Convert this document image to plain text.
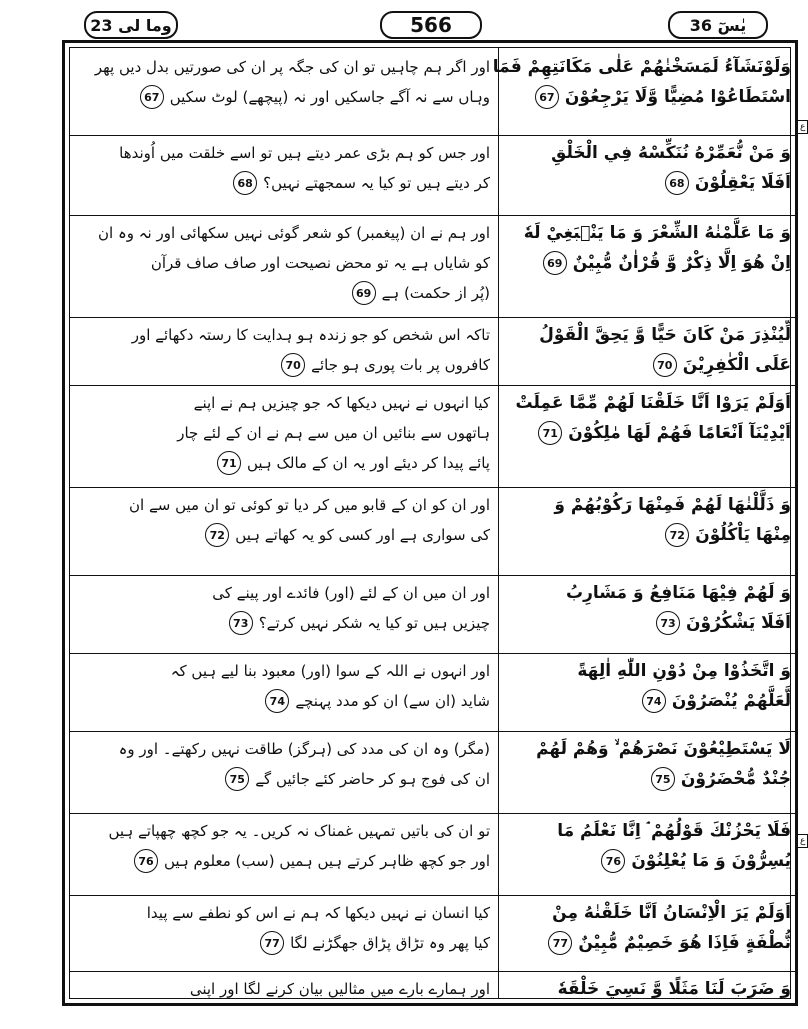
وما لی 23	566	یٰسٓ 36
اور اگر ہم چاہیں تو ان کی جگہ پر ان کی صورتیں بدل دیں پھر
وہاں سے نہ آگے جاسکیں اور نہ (پیچھے) لوٹ سکیں
67
اور جس کو ہم بڑی عمر دیتے ہیں تو اسے خلقت میں اُوندھا
کر دیتے ہیں تو کیا یہ سمجھتے نہیں؟
68
اور ہم نے ان (پیغمبر) کو شعر گوئی نہیں سکھائی اور نہ وہ ان
کو شایاں ہے یہ تو محض نصیحت اور صاف صاف قرآن
(پُر از حکمت) ہے
69
تاکہ اس شخص کو جو زندہ ہو ہدایت کا رستہ دکھائے اور
کافروں پر بات پوری ہو جائے
70
کیا انہوں نے نہیں دیکھا کہ جو چیزیں ہم نے اپنے
ہاتھوں سے بنائیں ان میں سے ہم نے ان کے لئے چار
پائے پیدا کر دیئے اور یہ ان کے مالک ہیں
71
اور ان کو ان کے قابو میں کر دیا تو کوئی تو ان میں سے ان
کی سواری ہے اور کسی کو یہ کھاتے ہیں
72
اور ان میں ان کے لئے (اور) فائدے اور پینے کی
چیزیں ہیں تو کیا یہ شکر نہیں کرتے؟
73
اور انہوں نے اللہ کے سوا (اور) معبود بنا لیے ہیں کہ
شاید (ان سے) ان کو مدد پہنچے
74
(مگر) وہ ان کی مدد کی (ہرگز) طاقت نہیں رکھتے۔ اور وہ
ان کی فوج ہو کر حاضر کئے جائیں گے
75
تو ان کی باتیں تمہیں غمناک نہ کریں۔ یہ جو کچھ چھپاتے ہیں
اور جو کچھ ظاہر کرتے ہیں ہمیں (سب) معلوم ہیں
76
کیا انسان نے نہیں دیکھا کہ ہم نے اس کو نطفے سے پیدا
کیا پھر وہ تڑاق پڑاق جھگڑنے لگا
77
اور ہمارے بارے میں مثالیں بیان کرنے لگا اور اپنی
وَلَوْنَشَآءُ لَمَسَخْنٰهُمْ عَلٰى مَكَانَتِهِمْ فَمَا
اسْتَطَاعُوْا مُضِيًّا وَّلَا يَرْجِعُوْنَ
67
وَ مَنْ نُّعَمِّرْهُ نُنَكِّسْهُ فِي الْخَلْقِ
اَفَلَا يَعْقِلُوْنَ
68
وَ مَا عَلَّمْنٰهُ الشِّعْرَ وَ مَا يَنْۢبَغِيْ لَهٗ
اِنْ هُوَ اِلَّا ذِكْرٌ وَّ قُرْاٰنٌ مُّبِيْنٌ
69
لِّيُنْذِرَ مَنْ كَانَ حَيًّا وَّ يَحِقَّ الْقَوْلُ
عَلَى الْكٰفِرِيْنَ
70
اَوَلَمْ يَرَوْا اَنَّا خَلَقْنَا لَهُمْ مِّمَّا عَمِلَتْ
اَيْدِيْنَآ اَنْعَامًا فَهُمْ لَهَا مٰلِكُوْنَ
71
وَ ذَلَّلْنٰهَا لَهُمْ فَمِنْهَا رَكُوْبُهُمْ وَ
مِنْهَا يَاْكُلُوْنَ
72
وَ لَهُمْ فِيْهَا مَنَافِعُ وَ مَشَارِبُ
اَفَلَا يَشْكُرُوْنَ
73
وَ اتَّخَذُوْا مِنْ دُوْنِ اللّٰهِ اٰلِهَةً
لَّعَلَّهُمْ يُنْصَرُوْنَ
74
لَا يَسْتَطِيْعُوْنَ نَصْرَهُمْ ۙ وَهُمْ لَهُمْ
جُنْدٌ مُّحْضَرُوْنَ
75
فَلَا يَحْزُنْكَ قَوْلُهُمْ ۘ اِنَّا نَعْلَمُ مَا
يُسِرُّوْنَ وَ مَا يُعْلِنُوْنَ
76
اَوَلَمْ يَرَ الْاِنْسَانُ اَنَّا خَلَقْنٰهُ مِنْ
نُّطْفَةٍ فَاِذَا هُوَ خَصِيْمٌ مُّبِيْنٌ
77
وَ ضَرَبَ لَنَا مَثَلًا وَّ نَسِيَ خَلْقَهٗ
ع
ع
